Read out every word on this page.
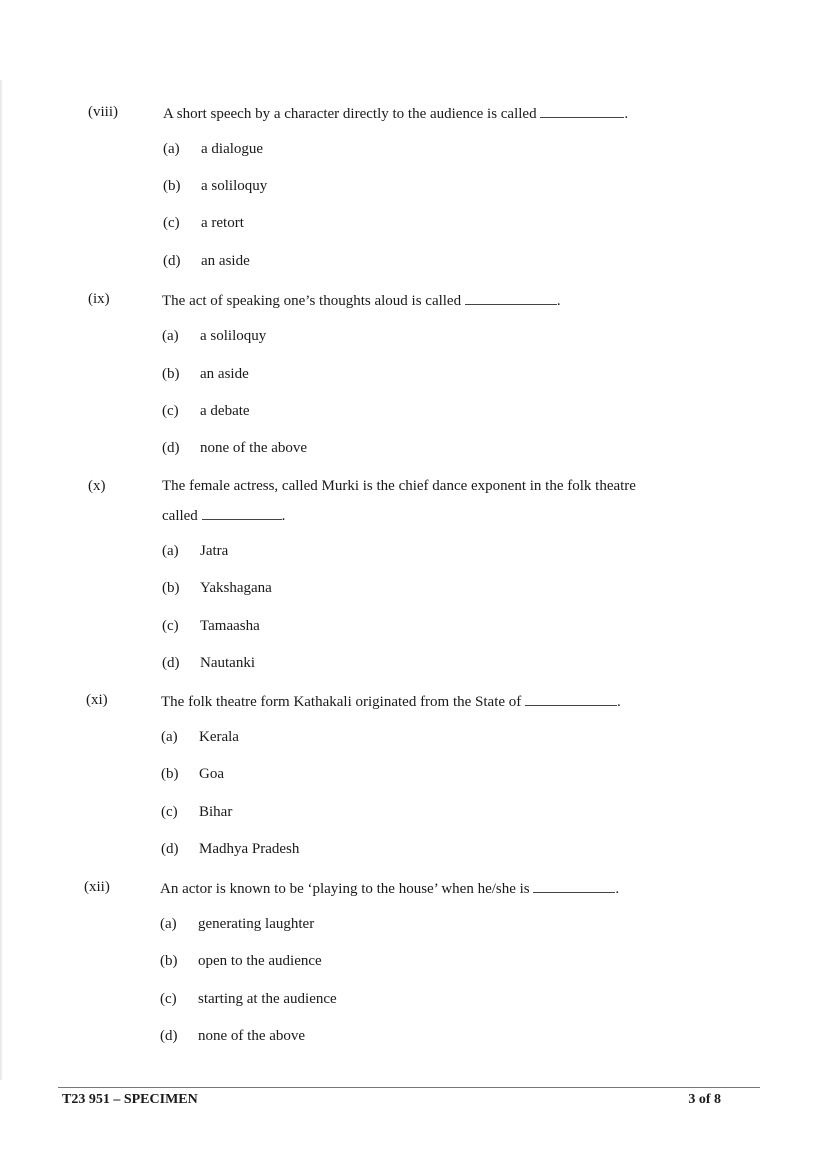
(viii)	A short speech by a character directly to the audience is called	.
(a) a dialogue
(b) a soliloquy
(c) a retort
(d) an aside
(ix)	The act of speaking one’s thoughts aloud is called	.
(a) a soliloquy
(b) an aside
(c) a debate
(d) none of the above
(x)	The female actress, called Murki is the chief dance exponent in the folk theatre
called	.
(a) Jatra
(b) Yakshagana
(c) Tamaasha
(d) Nautanki
(xi)	The folk theatre form Kathakali originated from the State of	.
(a) Kerala
(b) Goa
(c) Bihar
(d) Madhya Pradesh
(xii)	An actor is known to be ‘playing to the house’ when he/she is	.
(a) generating laughter
(b) open to the audience
(c) starting at the audience
(d) none of the above
T23 951 – SPECIMEN	3 of 8
